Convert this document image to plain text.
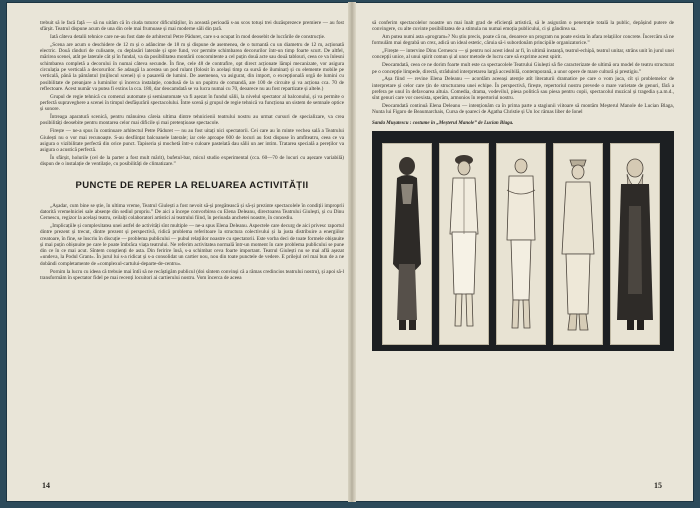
trebuit să le facă față — să nu uităm că în ciuda tuturor dificultăților, în această perioadă s-au scos totuși trei duzăsprezece premiere — au fost sfârșit. Teatrul dispune acum de una din cele mai frumoase și mai moderne săli din țară.

Iată câteva detalii tehnice care ne-au fost date de arhitectul Petre Păduret, care s-a ocupat în mod deosebit de lucrările de construcție.

„Scena are acum o deschidere de 12 m și o adâncime de 18 m și dispune de asemenea, de o turnantă cu un diametru de 12 m, acționată electric. Două rânduri de culisante, cu deplasări laterale și spre fund, vor permite schimbarea decorurilor într-un timp foarte scurt. De altfel, mărirea scenei, atât pe laterale cât și în fundal, va da posibilitatea montării concomitente a cel puțin două acte sau două tablouri, ceea ce va înlesni schimbarea completă a decorului în numai câteva secunde. În fine, cele 48 de contrafire, opt direct acționate lămpi mecanizate, vor asigura circulația pe verticală a decorurilor. Se adaugă la acestea un pod rulant (folosit în același timp ca sursă de iluminat) și cu elemente mobile pe verticală, până la pământul (mijlocul scenei) și o pasarelă de lumini. De asemenea, va asigurat, din import, o excepțională orgă de lumini cu posibilitate de preanjare a luminilor și încerca instalație, condusă de la un pupitru de comandă, are 100 de circuite și va acționa cca. 70 de reflectoare. Acest număr va putea fi extins la cca. 180, dar deocamdată se va lucra numai cu 70, deoarece nu au fost repartizate și altele.)

Grupul de regie tehnică cu comenzi automate și semiautomate va fi așezat în fundul sălii, la nivelul spectator al balconului, și va permite o perfectă supraveghere a scenei în timpul desfășurării spectacolului. Între scenă și grupul de regie tehnică va funcționa un sistem de semnale optice și sonore.

Întreaga aparatură scenică, pentru mânuirea căreia ultima dintre tehnicienii teatrului nostru au urmat cursuri de specializare, va crea posibilități deosebite pentru montarea celor mai dificile și mai pretențioase spectacole.

Firește — ne-a spus în continuare arhitectul Petre Păduret — nu au fost uitați nici spectatorii. Cei care au în minte vechea sală a Teatrului Giulești nu o vor mai recunoaște. S-au desființat balcoanele laterale; iar cele aproape 600 de locuri au fost dispuse în amfiteatru, ceea ce va asigura o vizibilitate perfectă din orice punct. Tapiseria și mochetă într-o culoare pastelată dau sălii un aer intim. Tratarea specială a pereților va asigura o acustică perfectă.

În sfârșit, holurile (cel de la parter a fost mult mărit), bufetul-bar, micul studio experimental (cca. 60—70 de locuri cu așezare variabilă) dispun de o instalație de ventilație, cu posibilități de climatizare.”

PUNCTE DE REPER LA RELUAREA ACTIVITĂȚII

„Așadar, cum bine se știe, în ultima vreme, Teatrul Giulești a fost nevoit să-și pregătească și să-și prezinte spectacolele în condiții improprii datorită vremelniciei sale absențe din sediul propriu.” De aici a începe convorbirea cu Elena Deleanu, directoarea Teatrului Giulești, și cu Dinu Cernescu, regizor la același teatru, ceilalți colaboratori artistici ai teatrului fiind, în perioada anchetei noastre, în concediu.

„Implicațiile și complexitatea unei astfel de activități sînt multiple — ne-a spus Elena Deleanu. Aspectele care decurg de aici privesc raportul dintre prezent și trecut, dintre prezent și perspectivă, ridică problema referitoare la structura colectivului și la justa distribuire a energiilor creatoare, în fine, se înscriu în discuție — problema publicului — pubul relațiilor noastre cu spectatorii. Este vorba deci de toate formele obișnuite și mai puțin obișnuite pe care le poate îmbrăca viața teatrului. Ne referim activitatea normală într-un moment în care problema publicului se pune din ce în ce mai acut. Sîntem conștienți de asta. Din feririre însă, s-a schimbat ceva foarte important. Teatrul Giulești nu se mai află așezat «undeva, la Podul Grant». În jurul lui s-a ridicat și s-a consolidat un cartier nou, nou din toate punctele de vedere. E prilejul cel mai bun de a ne dobândi completamente de «complexul-cartului-departe-de-centru».

Pornim la lucru cu ideea că trebuie mai întîi să ne recâștigăm publicul (doi sîntem convinși că a rămas credincios teatrului nostru), și apoi să-l transformăm în spectator fidel pe mai recenți locuitori ai cartierului nostru. Vom încerca de aceea

14

să conferim spectacolelor noastre un mai înalt grad de eficiență artistică, să le asigurăm o penetrație totală la public, depășind putere de convingere, cu alte cuvinte posibilitatea de a stimula nu numai emoția publicului, ci și gândirea sa.

Am putea numi asta «program»? Nu știu precis, poate că nu, deoarece un program nu poate exista în afara relațiilor concrete. Încercăm să ne formulăm mai degrabă un crez, adică un ideal estetic, căruia să-i subordonăm principiile organizatorice.”

„Firește — intervine Dinu Cernescu — și pentru noi acest ideal ar fi, în ultimă instanță, teatrul-echipă, teatrul unitar, strâns unit în jurul unei concepții unice, al unui spirit comun și al unor metode de lucru care să exprime acest spirit.

Deocamdată, ceea ce ne dorim foarte mult este ca spectacolele Teatrului Giulești să fie caracterizate de ultimă ora model de teatru structurat pe o concepție limpede, directă, străduind interpretarea largă accesibilă, contemporană, a unor opere de mare cultură și prestigiu.”

„Așa fiind — revine Elena Deleanu — acordăm aceeași atenție atît literaturii dramatice pe care o vom juca, cît și problemelor de interpretare și celor care țin de structurarea unei echipe. În perspectivă, firește, repertoriul nostru prevede o mare varietate de genuri, fără a prefera pe unul în defavoarea altuia. Comedia, drama, vodevilul, piesa politică sau piesa pentru copii, spectacolul muzical și tragedia ș.a.m.d., sînt genuri care vor coexista, sperăm, armonios în repertoriul nostru.

Deocamdată continuă Elena Deleanu — intenționăm ca în prima parte a stagiunii viitoare să montăm Meșterul Manole de Lucian Blaga, Nunta lui Figaro de Beaumarchais, Cursa de șoareci de Agatha Christie și Un loc râmas liber de Ionel

Sanda Mușatescu : costume în „Meșterul Manole” de Lucian Blaga.
15
